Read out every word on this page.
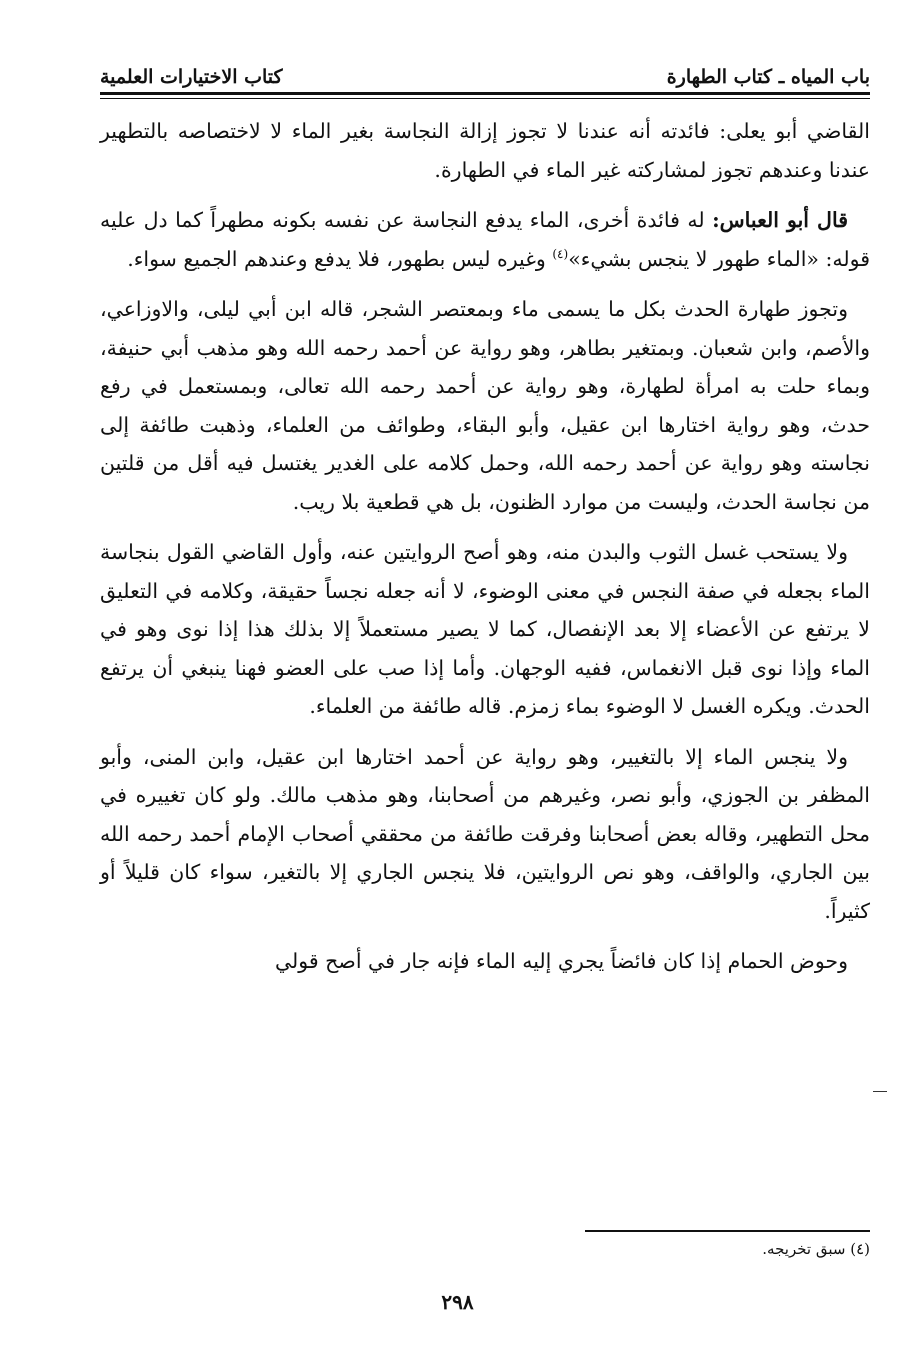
باب المياه ـ كتاب الطهارة
كتاب الاختيارات العلمية

القاضي أبو يعلى: فائدته أنه عندنا لا تجوز إزالة النجاسة بغير الماء لا لاختصاصه بالتطهير عندنا وعندهم تجوز لمشاركته غير الماء في الطهارة.

قال أبو العباس: له فائدة أخرى، الماء يدفع النجاسة عن نفسه بكونه مطهراً كما دل عليه قوله: «الماء طهور لا ينجس بشيء»$^{(٤)}$ وغيره ليس بطهور، فلا يدفع وعندهم الجميع سواء.

وتجوز طهارة الحدث بكل ما يسمى ماء وبمعتصر الشجر، قاله ابن أبي ليلى، والاوزاعي، والأصم، وابن شعبان. وبمتغير بطاهر، وهو رواية عن أحمد رحمه الله وهو مذهب أبي حنيفة، وبماء حلت به امرأة لطهارة، وهو رواية عن أحمد رحمه الله تعالى، وبمستعمل في رفع حدث، وهو رواية اختارها ابن عقيل، وأبو البقاء، وطوائف من العلماء، وذهبت طائفة إلى نجاسته وهو رواية عن أحمد رحمه الله، وحمل كلامه على الغدير يغتسل فيه أقل من قلتين من نجاسة الحدث، وليست من موارد الظنون، بل هي قطعية بلا ريب.

ولا يستحب غسل الثوب والبدن منه، وهو أصح الروايتين عنه، وأول القاضي القول بنجاسة الماء بجعله في صفة النجس في معنى الوضوء، لا أنه جعله نجساً حقيقة، وكلامه في التعليق لا يرتفع عن الأعضاء إلا بعد الإنفصال، كما لا يصير مستعملاً إلا بذلك هذا إذا نوى وهو في الماء وإذا نوى قبل الانغماس، ففيه الوجهان. وأما إذا صب على العضو فهنا ينبغي أن يرتفع الحدث. ويكره الغسل لا الوضوء بماء زمزم. قاله طائفة من العلماء.

ولا ينجس الماء إلا بالتغيير، وهو رواية عن أحمد اختارها ابن عقيل، وابن المنى، وأبو المظفر بن الجوزي، وأبو نصر، وغيرهم من أصحابنا، وهو مذهب مالك. ولو كان تغييره في محل التطهير، وقاله بعض أصحابنا وفرقت طائفة من محققي أصحاب الإمام أحمد رحمه الله بين الجاري، والواقف، وهو نص الروايتين، فلا ينجس الجاري إلا بالتغير، سواء كان قليلاً أو كثيراً.

وحوض الحمام إذا كان فائضاً يجري إليه الماء فإنه جار في أصح قولي

(٤) سبق تخريجه.
٢٩٨
